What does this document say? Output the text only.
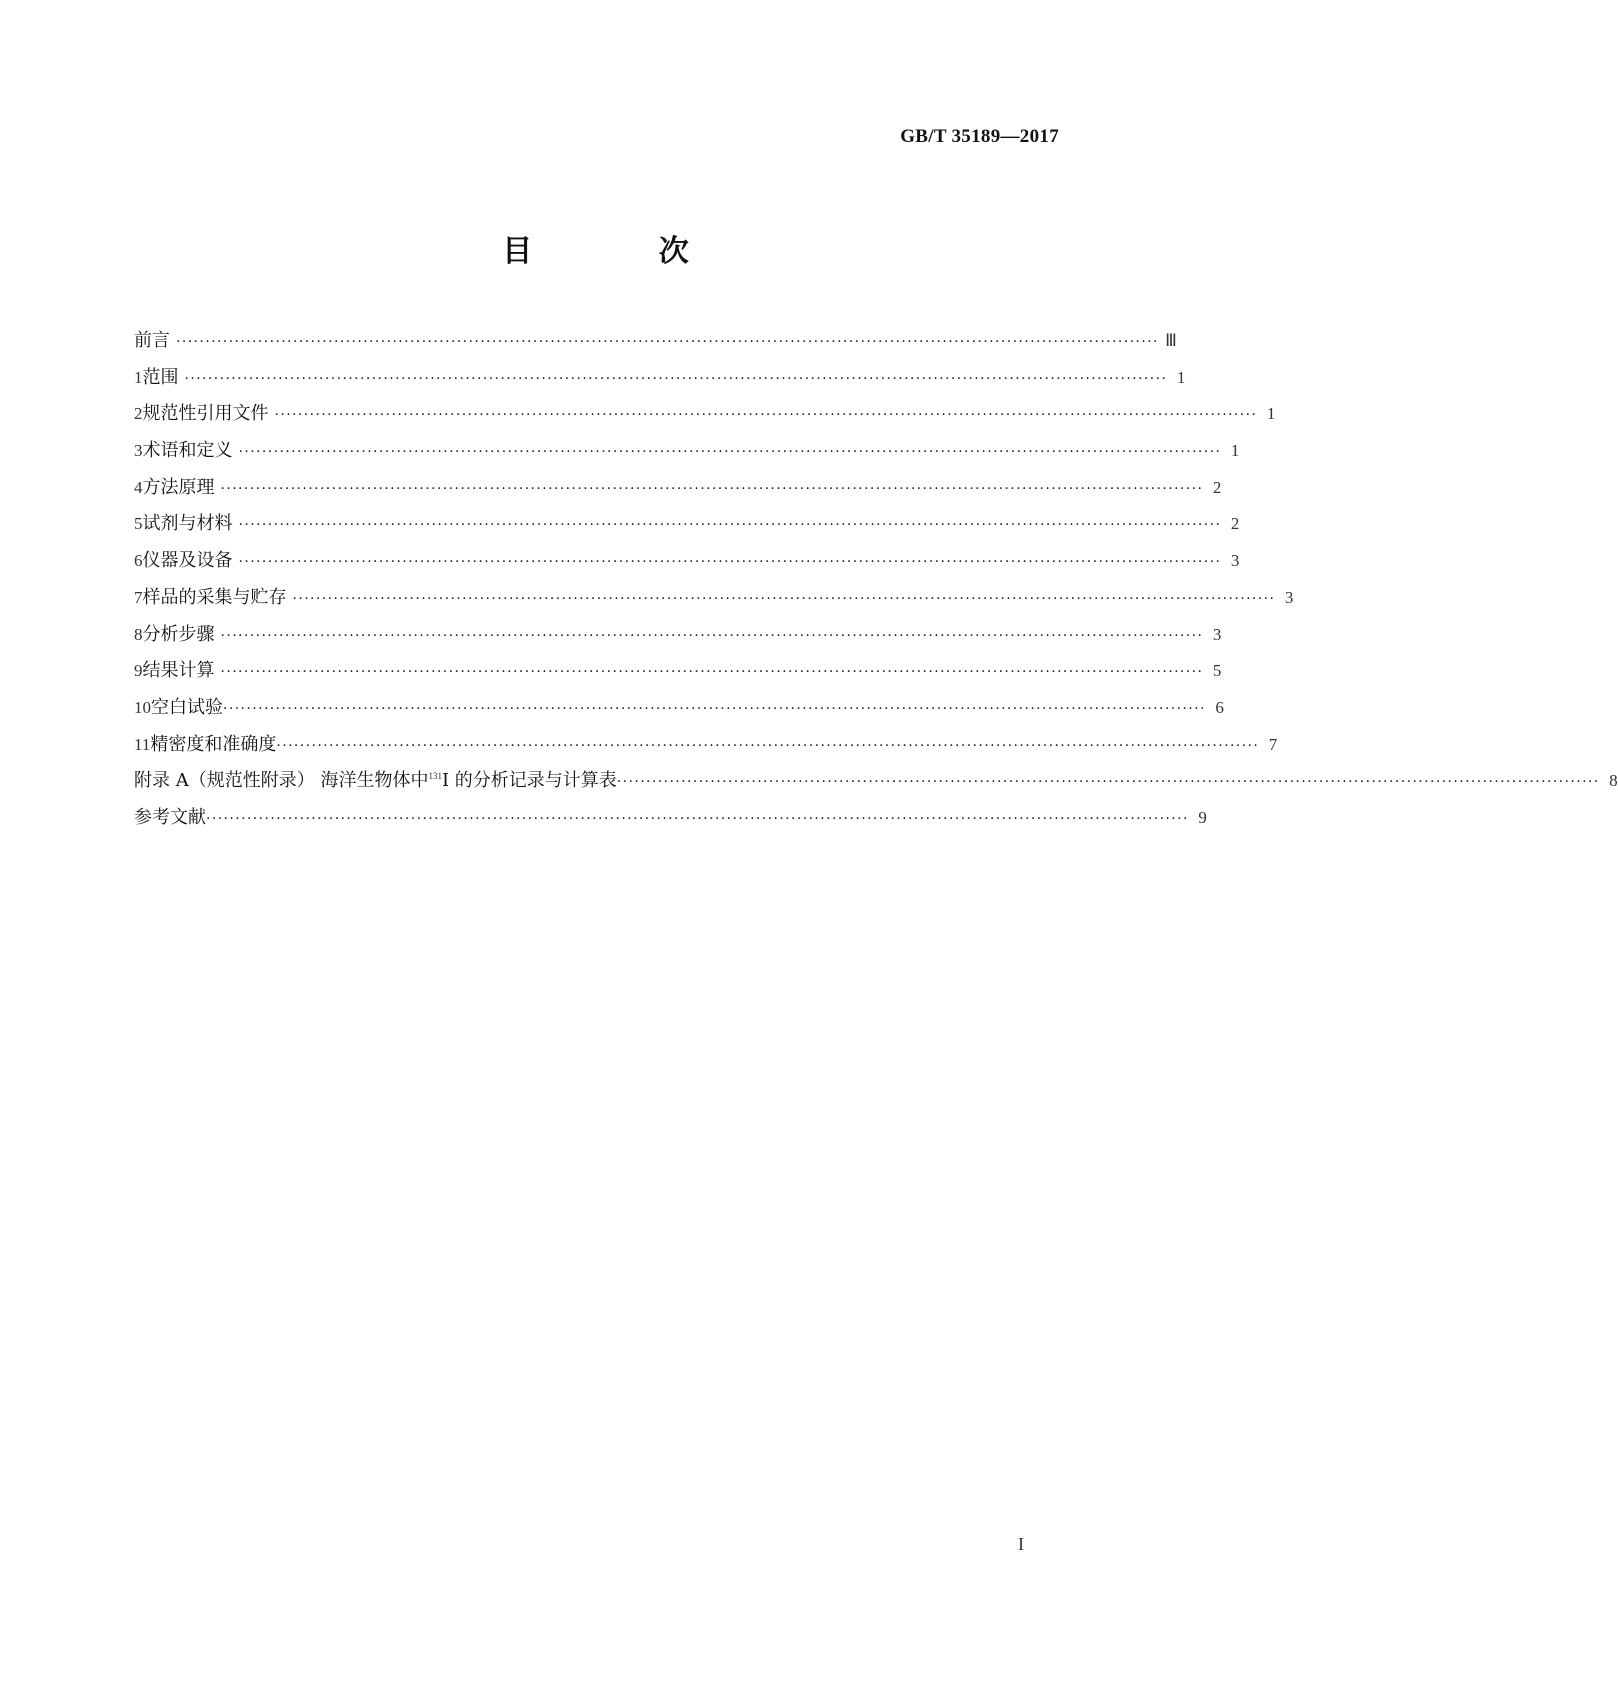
GB/T 35189—2017
目 次
前言 ········································································································································································ Ⅲ
1 范围 ········································································································································································ 1
2 规范性引用文件 ········································································································································································ 1
3 术语和定义 ········································································································································································ 1
4 方法原理 ········································································································································································ 2
5 试剂与材料 ········································································································································································ 2
6 仪器及设备 ········································································································································································ 3
7 样品的采集与贮存 ········································································································································································ 3
8 分析步骤 ········································································································································································ 3
9 结果计算 ········································································································································································ 5
10 空白试验 ········································································································································································ 6
11 精密度和准确度 ········································································································································································ 7
附录 A（规范性附录） 海洋生物体中$^{131}$I 的分析记录与计算表 ········································································································································································ 8
参考文献 ········································································································································································ 9
I
